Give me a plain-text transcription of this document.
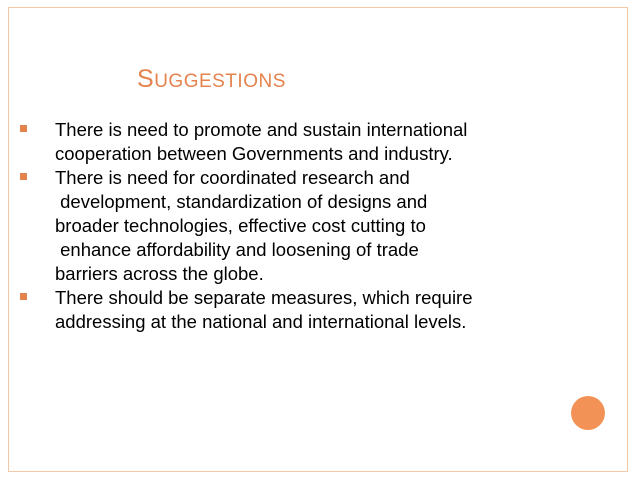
SUGGESTIONS
There is need to promote and sustain international
cooperation between Governments and industry.
There is need for coordinated research and
development, standardization of designs and
broader technologies, effective cost cutting to
enhance affordability and loosening of trade
barriers across the globe.
There should be separate measures, which require
addressing at the national and international levels.
